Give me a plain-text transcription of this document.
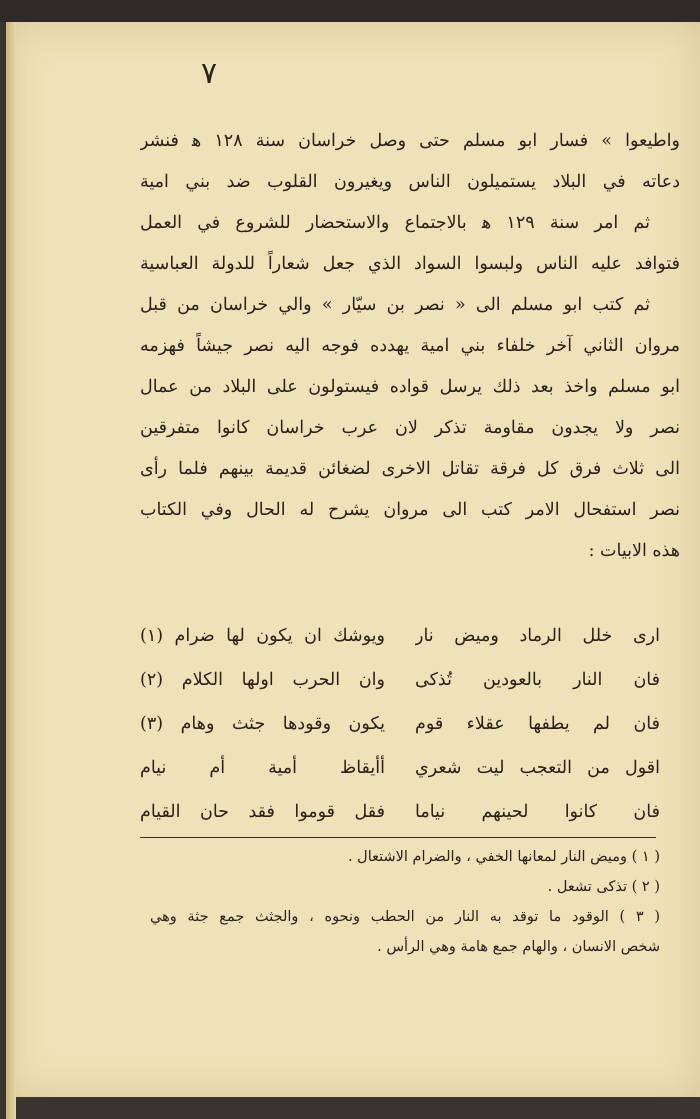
٧
واطيعوا » فسار ابو مسلم حتى وصل خراسان سنة ١٢٨ ﻫ فنشر
دعاته في البلاد يستميلون الناس ويغيرون القلوب ضد بني امية
ثم امر سنة ١٢٩ ﻫ بالاجتماع والاستحضار للشروع في العمل
فتوافد عليه الناس ولبسوا السواد الذي جعل شعاراً للدولة العباسية
ثم كتب ابو مسلم الى « نصر بن سيّار » والي خراسان من قبل
مروان الثاني آخر خلفاء بني امية يهدده فوجه اليه نصر جيشاً فهزمه
ابو مسلم واخذ بعد ذلك يرسل قواده فيستولون على البلاد من عمال
نصر ولا يجدون مقاومة تذكر لان عرب خراسان كانوا متفرقين
الى ثلاث فرق كل فرقة تقاتل الاخرى لضغائن قديمة بينهم فلما رأى
نصر استفحال الامر كتب الى مروان يشرح له الحال وفي الكتاب
هذه الابيات :
ارى خلل الرماد وميض نار
ويوشك ان يكون لها ضرام (١)
فان النار بالعودين تُذكى
وان الحرب اولها الكلام (٢)
فان لم يطفها عقلاء قوم
يكون وقودها جثث وهام (٣)
اقول من التعجب ليت شعري
أأيقاظ أمية أم نيام
فان كانوا لحينهم نياما
فقل قوموا فقد حان القيام
( ١ ) وميض النار لمعانها الخفي ، والضرام الاشتعال .
( ٢ ) تذكى تشعل .
( ٣ ) الوقود ما توقد به النار من الحطب ونحوه ، والجثث جمع جثة وهي
شخص الانسان ، والهام جمع هامة وهي الرأس .
